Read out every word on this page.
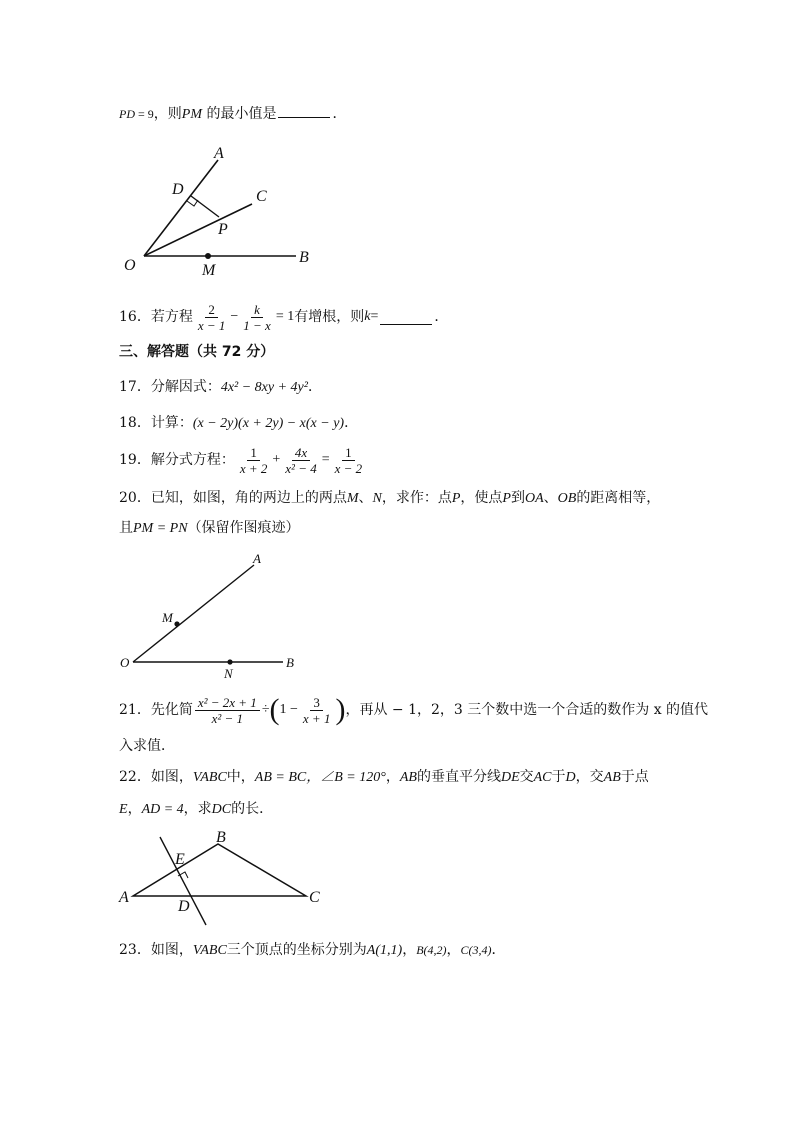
PD = 9，则PM 的最小值是	．
A
D	C
P
O	M
B
16．若方程 $\frac{2}{x - 1} - \frac{k}{1 - x} = 1$ 有增根，则 k =	．
三、解答题（共 72 分）
17．分解因式：4x² − 8xy + 4y²．
18．计算：(x − 2y)(x + 2y) − x(x − y)．
19．解分式方程： $\frac{1}{x + 2} + \frac{4x}{\text{x² − 4}} = \frac{1}{x - 2}$
20．已知，如图，角的两边上的两点M、N，求作：点P，使点P到OA、OB的距离相等，
且PM = PN（保留作图痕迹）
A
M
O
N
B
21．先化简 $\frac{\text{x² − 2x + 1}}{\text{x² − 1}}$ ÷ ( $1 - \frac{3}{x + 1}$ ) ，再从 − 1，2，3 三个数中选一个合适的数作为 x 的值代
入求值．
22．如图，VABC中，AB = BC，∠B = 120°，AB的垂直平分线DE交AC于D，交AB于点
E，AD = 4，求DC的长．
B
E
A
D
C
23．如图，VABC三个顶点的坐标分别为A(1,1)，B(4,2)，C(3,4)．
